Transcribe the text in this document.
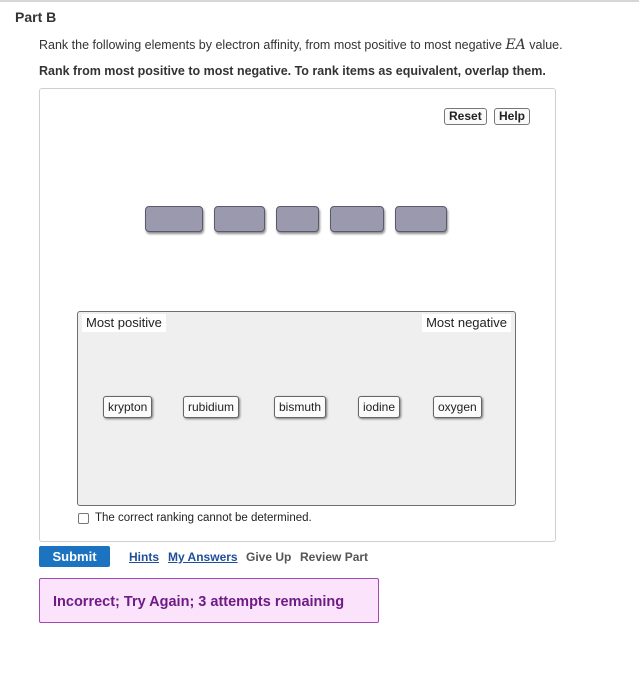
Part B
Rank the following elements by electron affinity, from most positive to most negative EA value.
Rank from most positive to most negative. To rank items as equivalent, overlap them.
Reset	Help
Most positive	Most negative
krypton	rubidium	bismuth	iodine	oxygen
The correct ranking cannot be determined.
Submit	Hints My Answers Give Up Review Part
Incorrect; Try Again; 3 attempts remaining
